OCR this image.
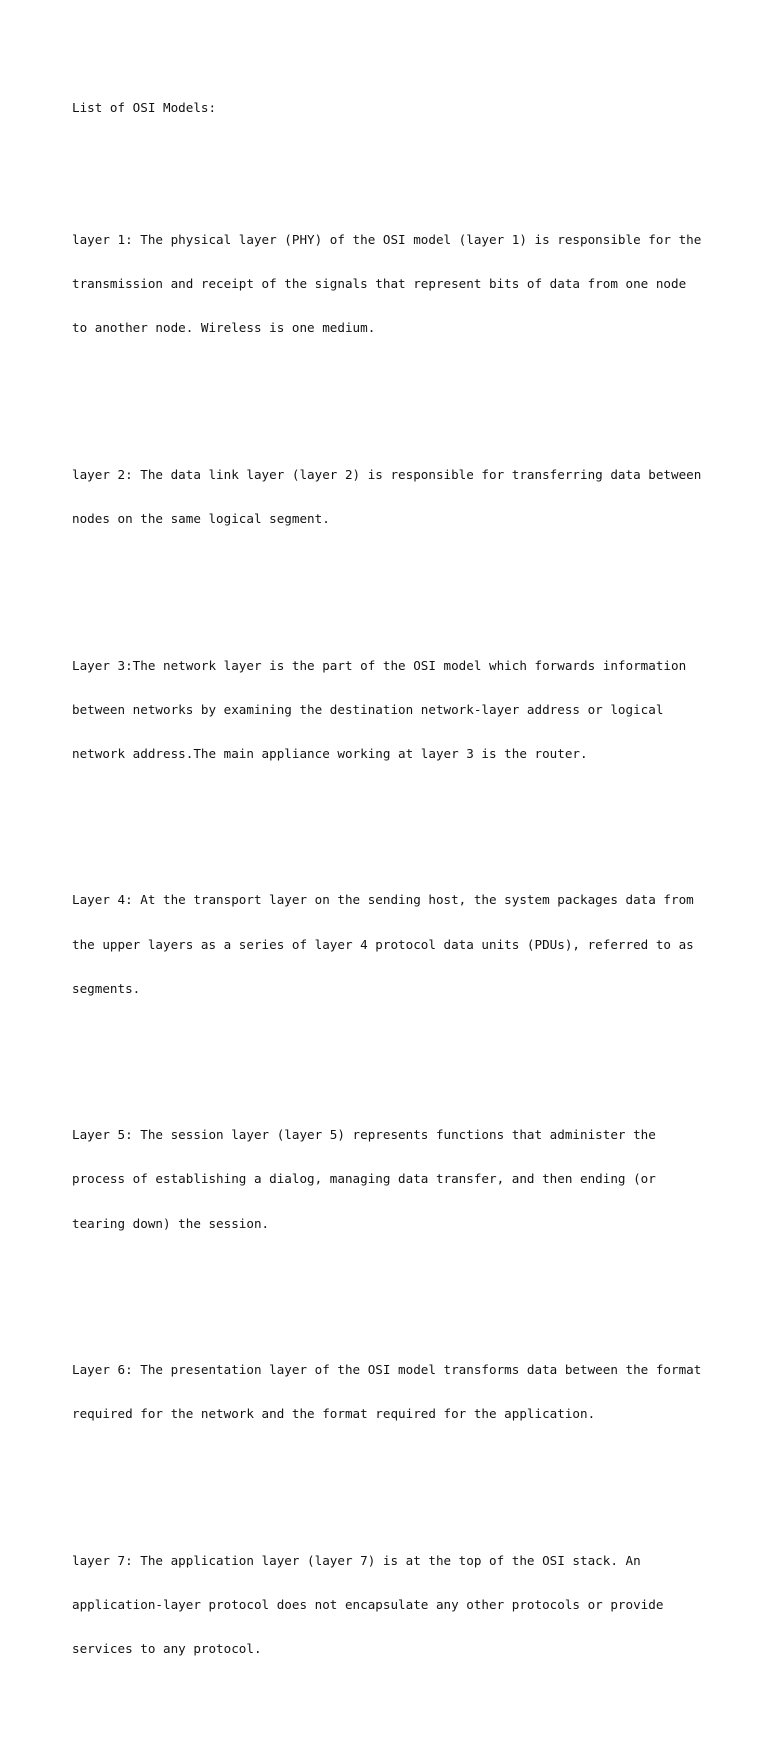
List of OSI Models:

layer 1: The physical layer (PHY) of the OSI model (layer 1) is responsible for the

transmission and receipt of the signals that represent bits of data from one node

to another node. Wireless is one medium.

layer 2: The data link layer (layer 2) is responsible for transferring data between

nodes on the same logical segment.

Layer 3:The network layer is the part of the OSI model which forwards information

between networks by examining the destination network-layer address or logical

network address.The main appliance working at layer 3 is the router.

Layer 4: At the transport layer on the sending host, the system packages data from

the upper layers as a series of layer 4 protocol data units (PDUs), referred to as

segments.

Layer 5: The session layer (layer 5) represents functions that administer the

process of establishing a dialog, managing data transfer, and then ending (or

tearing down) the session.

Layer 6: The presentation layer of the OSI model transforms data between the format

required for the network and the format required for the application.

layer 7: The application layer (layer 7) is at the top of the OSI stack. An

application-layer protocol does not encapsulate any other protocols or provide

services to any protocol.
